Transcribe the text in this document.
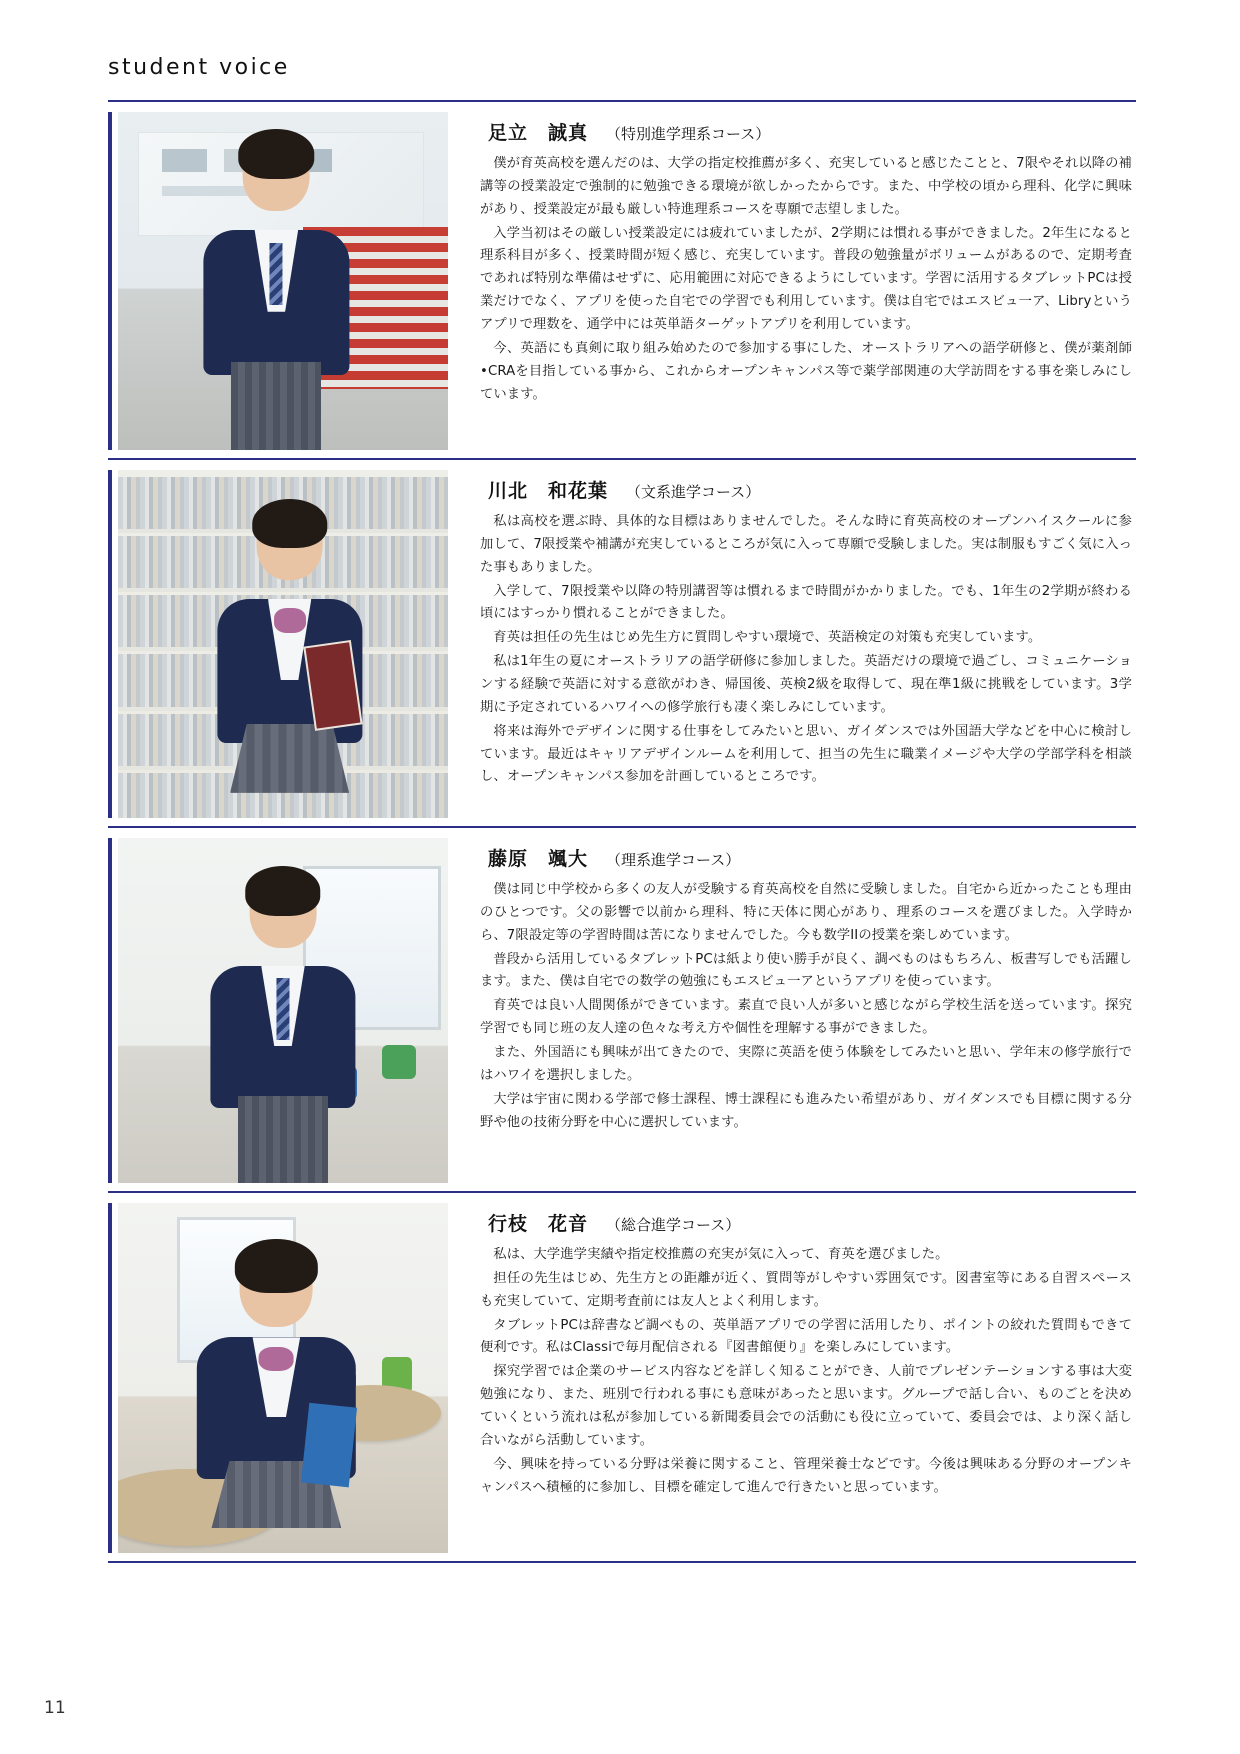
student voice
足立　誠真 （特別進学理系コース）

僕が育英高校を選んだのは、大学の指定校推薦が多く、充実していると感じたことと、7限やそれ以降の補講等の授業設定で強制的に勉強できる環境が欲しかったからです。また、中学校の頃から理科、化学に興味があり、授業設定が最も厳しい特進理系コースを専願で志望しました。

入学当初はその厳しい授業設定には疲れていましたが、2学期には慣れる事ができました。2年生になると理系科目が多く、授業時間が短く感じ、充実しています。普段の勉強量がボリュームがあるので、定期考査であれば特別な準備はせずに、応用範囲に対応できるようにしています。学習に活用するタブレットPCは授業だけでなく、アプリを使った自宅での学習でも利用しています。僕は自宅ではエスビュ一ア、Libryというアプリで理数を、通学中には英単語ターゲットアプリを利用しています。

今、英語にも真剣に取り組み始めたので参加する事にした、オーストラリアへの語学研修と、僕が薬剤師•CRAを目指している事から、これからオープンキャンパス等で薬学部関連の大学訪問をする事を楽しみにしています。

川北　和花葉 （文系進学コース）

私は高校を選ぶ時、具体的な目標はありませんでした。そんな時に育英高校のオープンハイスクールに参加して、7限授業や補講が充実しているところが気に入って専願で受験しました。実は制服もすごく気に入った事もありました。

入学して、7限授業や以降の特別講習等は慣れるまで時間がかかりました。でも、1年生の2学期が終わる頃にはすっかり慣れることができました。

育英は担任の先生はじめ先生方に質問しやすい環境で、英語検定の対策も充実しています。

私は1年生の夏にオーストラリアの語学研修に参加しました。英語だけの環境で過ごし、コミュニケーションする経験で英語に対する意欲がわき、帰国後、英検2級を取得して、現在準1級に挑戦をしています。3学期に予定されているハワイへの修学旅行も凄く楽しみにしています。

将来は海外でデザインに関する仕事をしてみたいと思い、ガイダンスでは外国語大学などを中心に検討しています。最近はキャリアデザインルームを利用して、担当の先生に職業イメージや大学の学部学科を相談し、オープンキャンパス参加を計画しているところです。

藤原　颯大 （理系進学コース）

僕は同じ中学校から多くの友人が受験する育英高校を自然に受験しました。自宅から近かったことも理由のひとつです。父の影響で以前から理科、特に天体に関心があり、理系のコースを選びました。入学時から、7限設定等の学習時間は苦になりませんでした。今も数学IIの授業を楽しめています。

普段から活用しているタブレットPCは紙より使い勝手が良く、調べものはもちろん、板書写しでも活躍します。また、僕は自宅での数学の勉強にもエスビュ一アというアプリを使っています。

育英では良い人間関係ができています。素直で良い人が多いと感じながら学校生活を送っています。探究学習でも同じ班の友人達の色々な考え方や個性を理解する事ができました。

また、外国語にも興味が出てきたので、実際に英語を使う体験をしてみたいと思い、学年末の修学旅行ではハワイを選択しました。

大学は宇宙に関わる学部で修士課程、博士課程にも進みたい希望があり、ガイダンスでも目標に関する分野や他の技術分野を中心に選択しています。

行枝　花音 （総合進学コース）

私は、大学進学実績や指定校推薦の充実が気に入って、育英を選びました。

担任の先生はじめ、先生方との距離が近く、質問等がしやすい雰囲気です。図書室等にある自習スペースも充実していて、定期考査前には友人とよく利用します。

タブレットPCは辞書など調べもの、英単語アプリでの学習に活用したり、ポイントの絞れた質問もできて便利です。私はClassiで毎月配信される『図書館便り』を楽しみにしています。

探究学習では企業のサービス内容などを詳しく知ることができ、人前でプレゼンテーションする事は大変勉強になり、また、班別で行われる事にも意味があったと思います。グループで話し合い、ものごとを決めていくという流れは私が参加している新聞委員会での活動にも役に立っていて、委員会では、より深く話し合いながら活動しています。

今、興味を持っている分野は栄養に関すること、管理栄養士などです。今後は興味ある分野のオープンキャンパスへ積極的に参加し、目標を確定して進んで行きたいと思っています。

11
